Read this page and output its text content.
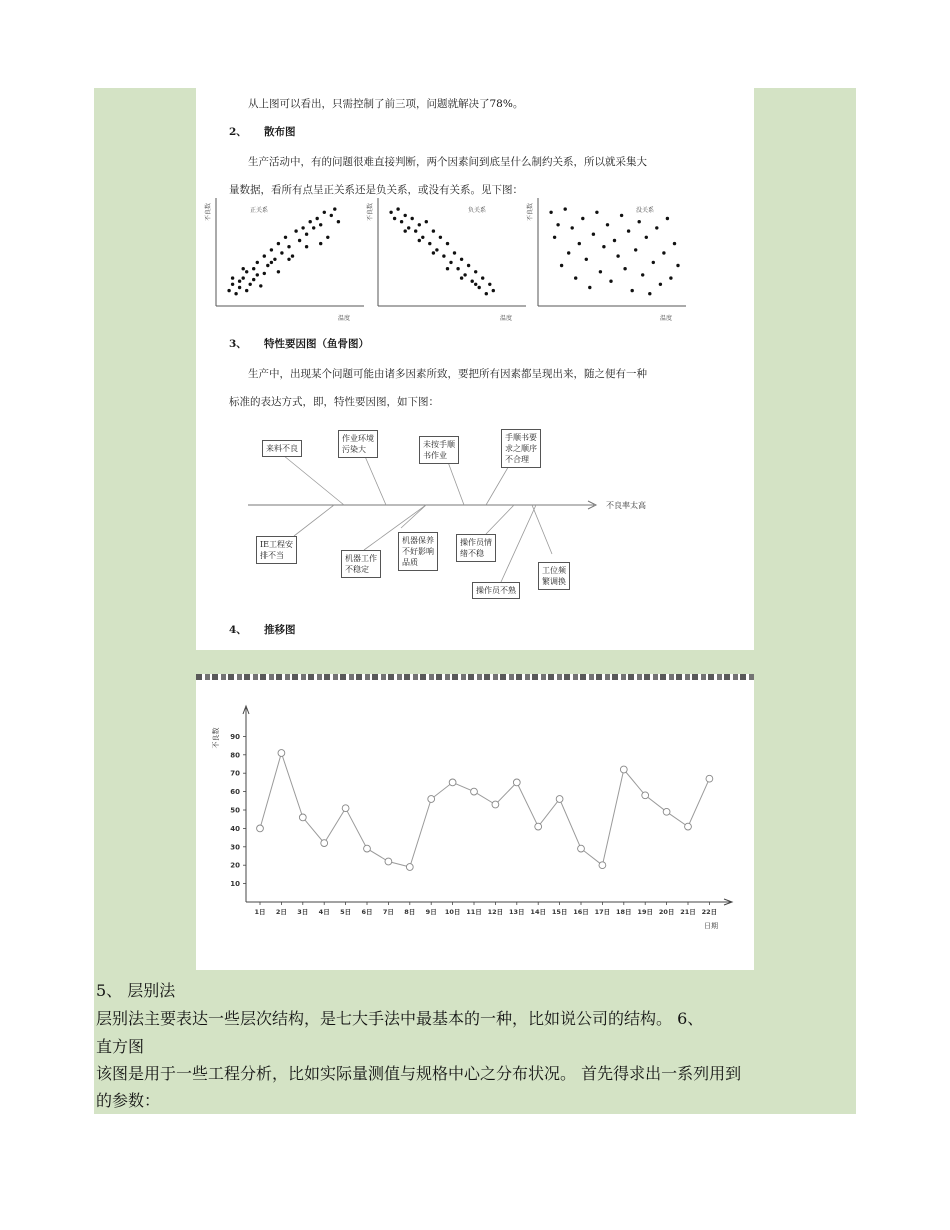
从上图可以看出，只需控制了前三项，问题就解决了78%。
2、 散布图
生产活动中，有的问题很难直接判断，两个因素间到底呈什么制约关系，所以就采集大
量数据，看所有点呈正关系还是负关系，或没有关系。见下图：
不良数	正关系
温度
不良数	负关系
温度
不良数	没关系
温度
3、 特性要因图（鱼骨图）
生产中，出现某个问题可能由诸多因素所致，要把所有因素都呈现出来，随之便有一种
标准的表达方式，即，特性要因图，如下图：
不良率太高
来料不良
作业环境
污染大
未按手顺
书作业
手顺书要
求之顺序
不合理
IE工程安
排不当	机器工作
不稳定
机器保养
不好影响
品质
操作员情
绪不稳
操作员不熟
工位频
繁调换
4、 推移图
不良数
10
20
30
40
50
60
70
80
90
1日 2日 3日 4日 5日 6日 7日 8日 9日 10日 11日 12日 13日 14日 15日 16日 17日 18日 19日 20日 21日 22日
日期
5、 层别法
层别法主要表达一些层次结构，是七大手法中最基本的一种，比如说公司的结构。 6、
直方图
该图是用于一些工程分析，比如实际量测值与规格中心之分布状况。 首先得求出一系列用到
的参数：
